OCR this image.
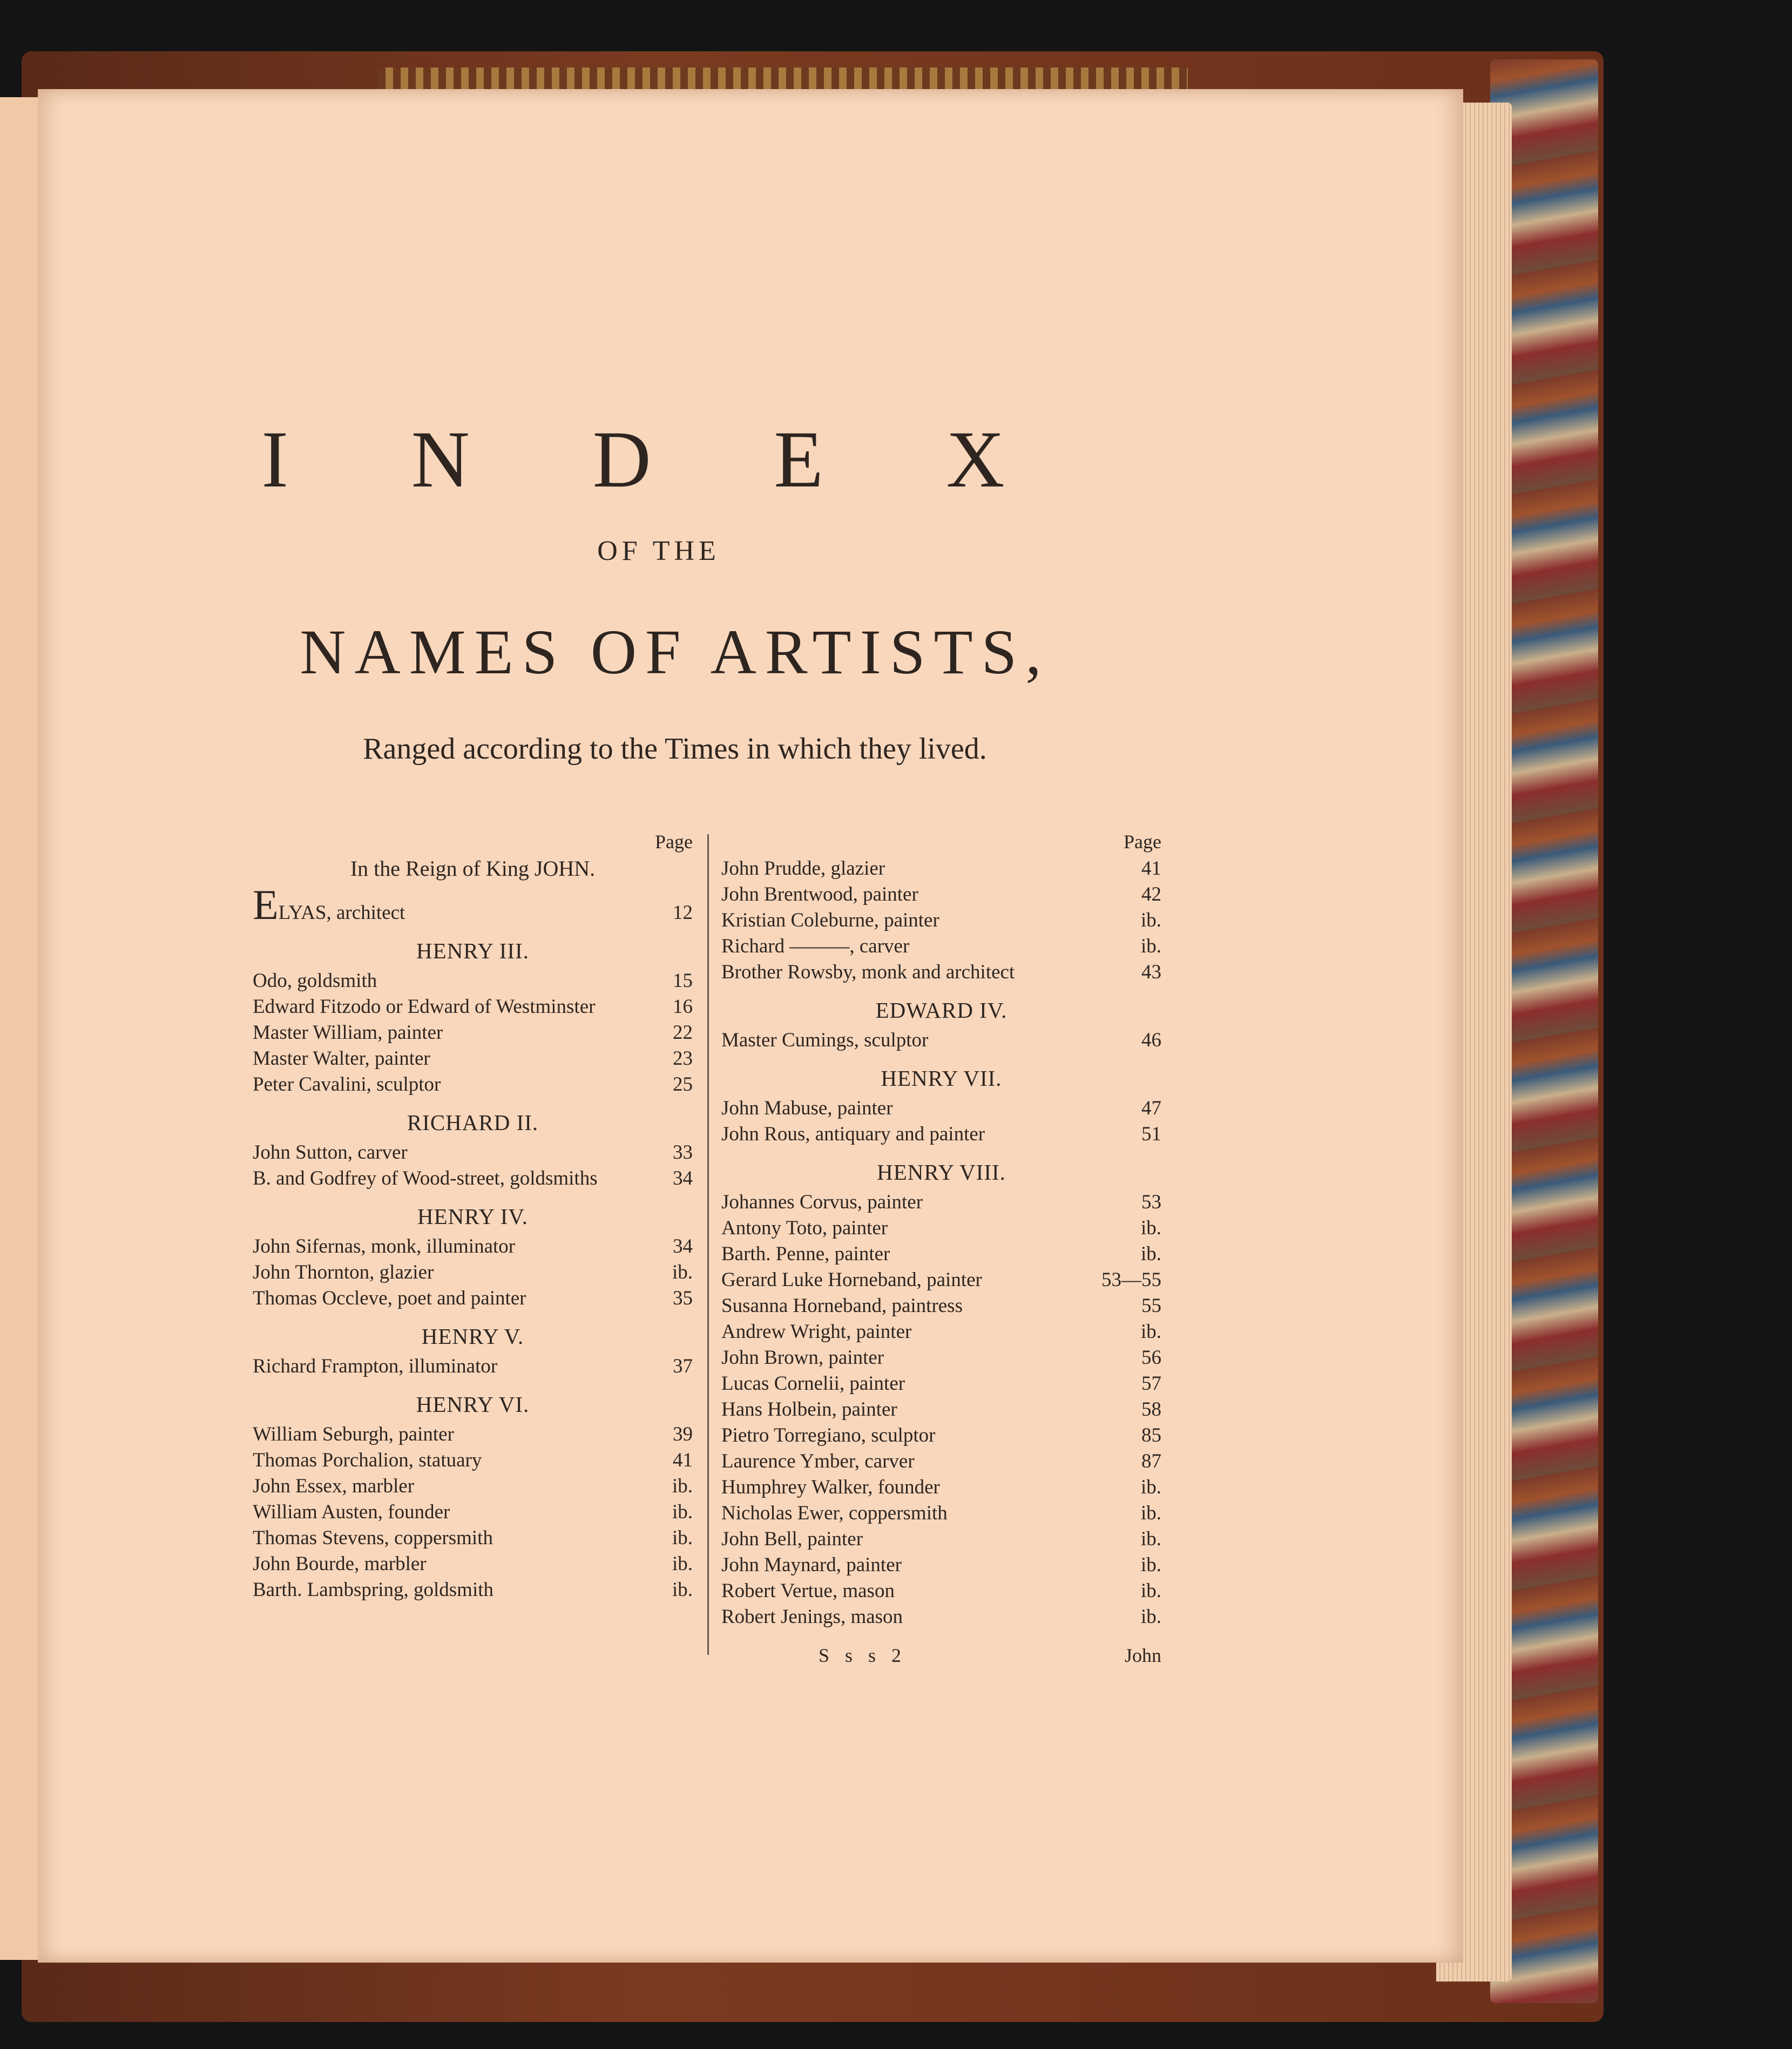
I N D E X
OF THE
NAMES OF ARTISTS,
Ranged according to the Times in which they lived.
Page
In the Reign of King JOHN.
ELYAS, architect	12
HENRY III.
Odo, goldsmith	15
Edward Fitzodo or Edward of Westminster	16
Master William, painter	22
Master Walter, painter	23
Peter Cavalini, sculptor	25
RICHARD II.
John Sutton, carver	33
B. and Godfrey of Wood-street, goldsmiths	34
HENRY IV.
John Sifernas, monk, illuminator	34
John Thornton, glazier	ib.
Thomas Occleve, poet and painter	35
HENRY V.
Richard Frampton, illuminator	37
HENRY VI.
William Seburgh, painter	39
Thomas Porchalion, statuary	41
John Essex, marbler	ib.
William Austen, founder	ib.
Thomas Stevens, coppersmith	ib.
John Bourde, marbler	ib.
Barth. Lambspring, goldsmith	ib.
Page
John Prudde, glazier	41
John Brentwood, painter	42
Kristian Coleburne, painter	ib.
Richard ———, carver	ib.
Brother Rowsby, monk and architect	43
EDWARD IV.
Master Cumings, sculptor	46
HENRY VII.
John Mabuse, painter	47
John Rous, antiquary and painter	51
HENRY VIII.
Johannes Corvus, painter	53
Antony Toto, painter	ib.
Barth. Penne, painter	ib.
Gerard Luke Horneband, painter	53—55
Susanna Horneband, paintress	55
Andrew Wright, painter	ib.
John Brown, painter	56
Lucas Cornelii, painter	57
Hans Holbein, painter	58
Pietro Torregiano, sculptor	85
Laurence Ymber, carver	87
Humphrey Walker, founder	ib.
Nicholas Ewer, coppersmith	ib.
John Bell, painter	ib.
John Maynard, painter	ib.
Robert Vertue, mason	ib.
Robert Jenings, mason	ib.
S s s 2	John
